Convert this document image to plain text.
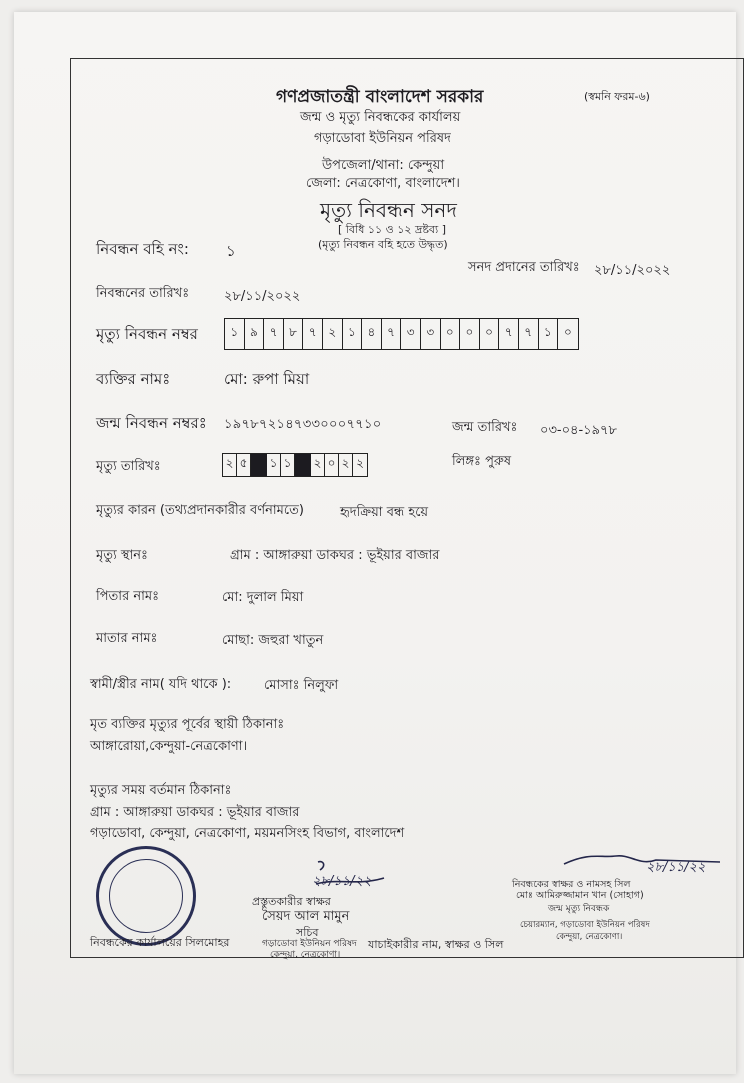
গণপ্রজাতন্ত্রী বাংলাদেশ সরকার	(স্বমনি ফরম-৬)
জন্ম ও মৃত্যু নিবন্ধকের কার্যালয়
গড়াডোবা ইউনিয়ন পরিষদ
উপজেলা/থানা: কেন্দুয়া
জেলা: নেত্রকোণা, বাংলাদেশ।
মৃত্যু নিবন্ধন সনদ
[ বিধি ১১ ও ১২ দ্রষ্টব্য ]
(মৃত্যু নিবন্ধন বহি হতে উদ্ধৃত)
নিবন্ধন বহি নং: ১
সনদ প্রদানের তারিখঃ ২৮/১১/২০২২
নিবন্ধনের তারিখঃ	২৮/১১/২০২২
মৃত্যু নিবন্ধন নম্বর	১ ৯ ৭ ৮ ৭ ২ ১ ৪ ৭ ৩ ৩ ০ ০ ০ ৭ ৭ ১	০
ব্যক্তির নামঃ	মো: রুপা মিয়া
জন্ম নিবন্ধন নম্বরঃ ১৯৭৮৭২১৪৭৩৩০০০৭৭১০	জন্ম তারিখঃ ০৩-০৪-১৯৭৮
মৃত্যু তারিখঃ	২ ৫	১ ১	২ ০ ২ ২	লিঙ্গঃ পুরুষ
মৃত্যুর কারন (তথ্যপ্রদানকারীর বর্ণনামতে)	হৃদক্রিয়া বন্ধ হয়ে
মৃত্যু স্থানঃ	গ্রাম : আঙ্গারুয়া ডাকঘর : ভূইয়ার বাজার
পিতার নামঃ	মো: দুলাল মিয়া
মাতার নামঃ	মোছা: জহুরা খাতুন
স্বামী/স্ত্রীর নাম( যদি থাকে ):	মোসাঃ নিলুফা
মৃত ব্যক্তির মৃত্যুর পূর্বের স্থায়ী ঠিকানাঃ
আঙ্গারোয়া,কেন্দুয়া-নেত্রকোণা।
মৃত্যুর সময় বর্তমান ঠিকানাঃ
গ্রাম : আঙ্গারুয়া ডাকঘর : ভূইয়ার বাজার
গড়াডোবা, কেন্দুয়া, নেত্রকোণা, ময়মনসিংহ বিভাগ, বাংলাদেশ
নিবন্ধকের কার্যালয়ের সিলমোহর
২৮/১১/২২
প্রস্তুতকারীর স্বাক্ষর
সৈয়দ আল মামুন
সচিব
গড়াডোবা ইউনিয়ন পরিষদ
কেন্দুয়া, নেত্রকোণা।
যাচাইকারীর নাম, স্বাক্ষর ও সিল
২৮/১১/২২
নিবন্ধকের স্বাক্ষর ও নামসহ সিল
মোঃ আমিরুজ্জামান খান (সোহাগ)
জন্ম মৃত্যু নিবন্ধক
চেয়ারম্যান, গড়াডোবা ইউনিয়ন পরিষদ
কেন্দুয়া, নেত্রকোণা।
